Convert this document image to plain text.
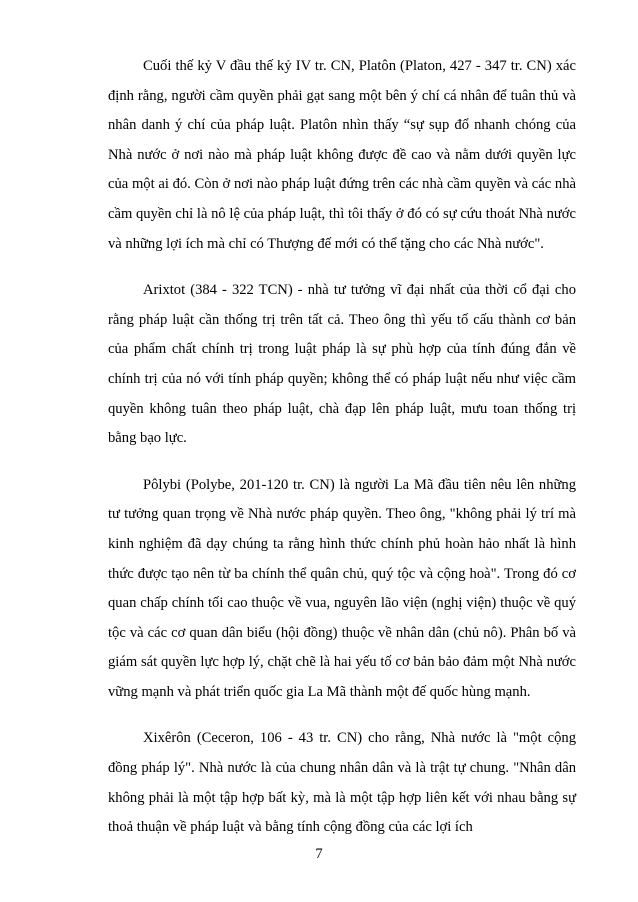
Cuối thế kỷ V đầu thế kỷ IV tr. CN, Platôn (Platon, 427 - 347 tr. CN) xác định rằng, người cầm quyền phải gạt sang một bên ý chí cá nhân để tuân thủ và nhân danh ý chí của pháp luật. Platôn nhìn thấy “sự sụp đổ nhanh chóng của Nhà nước ở nơi nào mà pháp luật không được đề cao và nằm dưới quyền lực của một ai đó. Còn ở nơi nào pháp luật đứng trên các nhà cầm quyền và các nhà cầm quyền chỉ là nô lệ của pháp luật, thì tôi thấy ở đó có sự cứu thoát Nhà nước và những lợi ích mà chỉ có Thượng đế mới có thể tặng cho các Nhà nước".

Arixtot (384 - 322 TCN) - nhà tư tưởng vĩ đại nhất của thời cổ đại cho rằng pháp luật cần thống trị trên tất cả. Theo ông thì yếu tố cấu thành cơ bản của phẩm chất chính trị trong luật pháp là sự phù hợp của tính đúng đắn về chính trị của nó với tính pháp quyền; không thể có pháp luật nếu như việc cầm quyền không tuân theo pháp luật, chà đạp lên pháp luật, mưu toan thống trị bằng bạo lực.

Pôlybi (Polybe, 201-120 tr. CN) là người La Mã đầu tiên nêu lên những tư tưởng quan trọng về Nhà nước pháp quyền. Theo ông, "không phải lý trí mà kinh nghiệm đã dạy chúng ta rằng hình thức chính phủ hoàn hảo nhất là hình thức được tạo nên từ ba chính thể quân chủ, quý tộc và cộng hoà". Trong đó cơ quan chấp chính tối cao thuộc về vua, nguyên lão viện (nghị viện) thuộc về quý tộc và các cơ quan dân biểu (hội đồng) thuộc về nhân dân (chủ nô). Phân bố và giám sát quyền lực hợp lý, chặt chẽ là hai yếu tố cơ bản bảo đảm một Nhà nước vững mạnh và phát triển quốc gia La Mã thành một đế quốc hùng mạnh.

Xixêrôn (Ceceron, 106 - 43 tr. CN) cho rằng, Nhà nước là "một cộng đồng pháp lý". Nhà nước là của chung nhân dân và là trật tự chung. "Nhân dân không phải là một tập hợp bất kỳ, mà là một tập hợp liên kết với nhau bằng sự thoả thuận về pháp luật và bằng tính cộng đồng của các lợi ích

7
